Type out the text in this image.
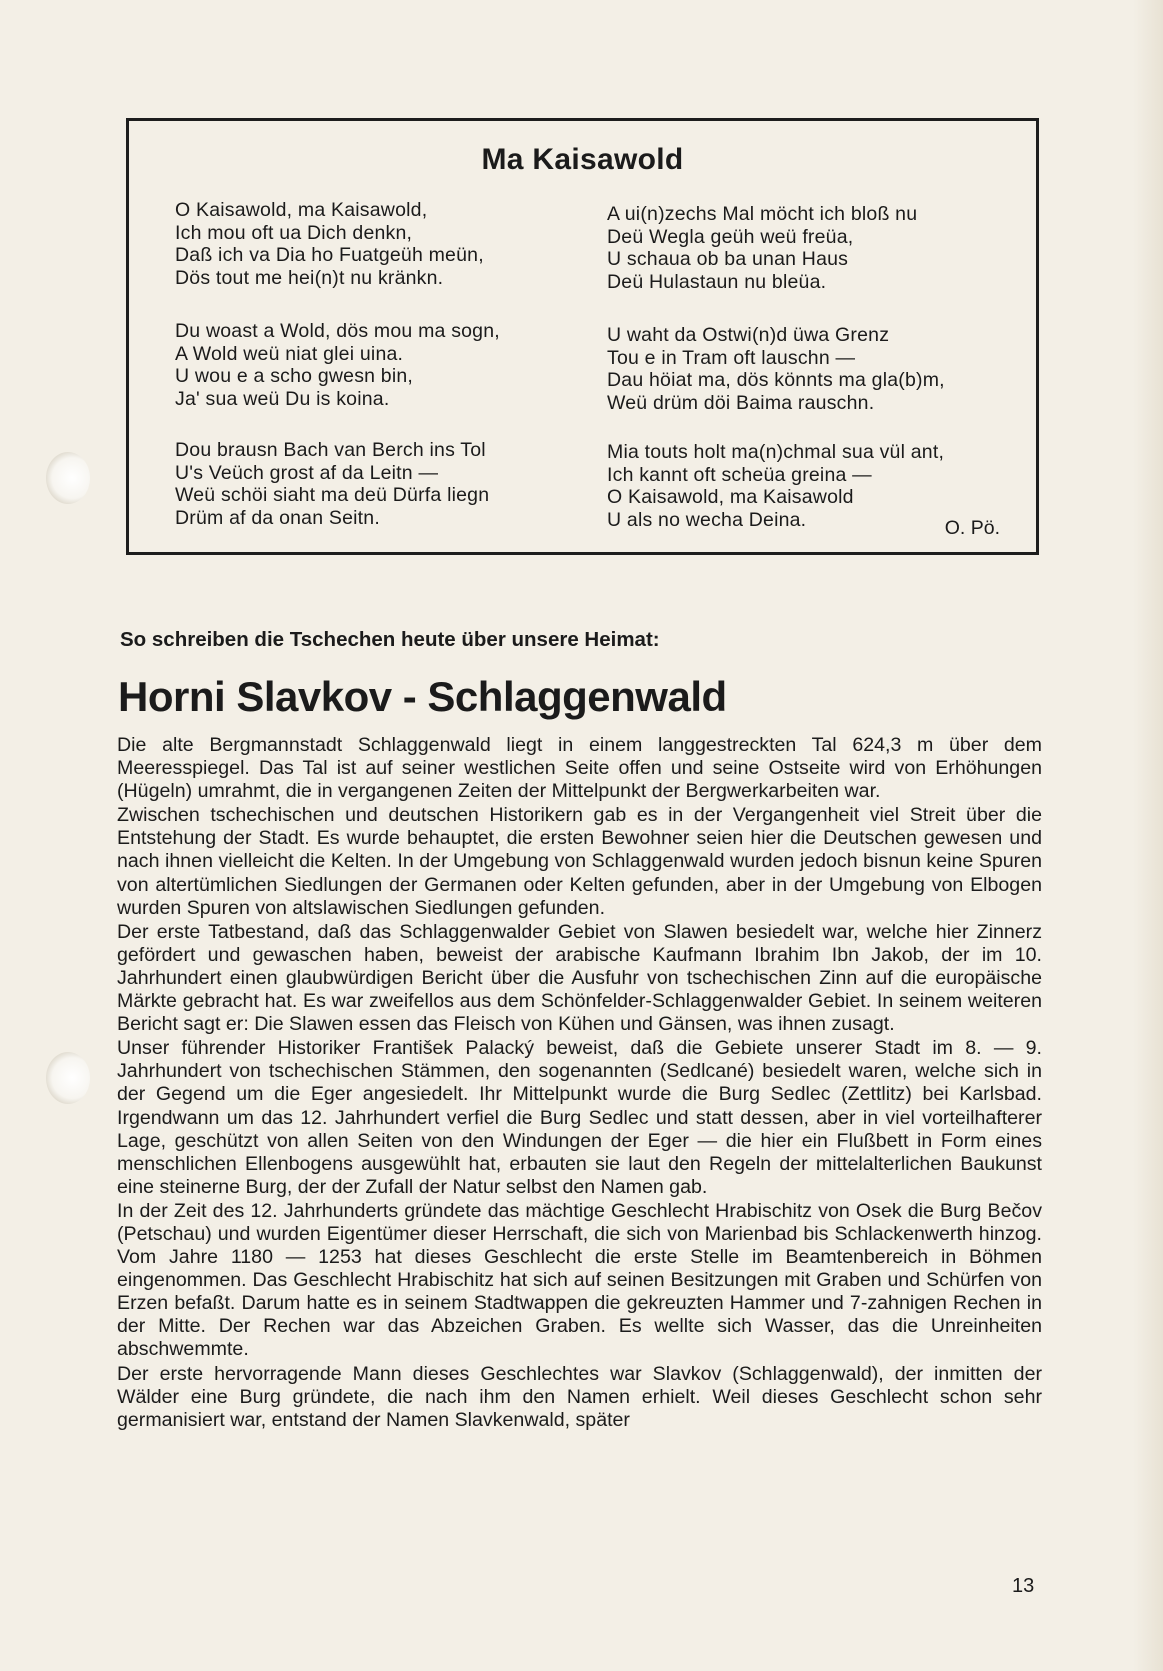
Ma Kaisawold
O Kaisawold, ma Kaisawold,
Ich mou oft ua Dich denkn,
Daß ich va Dia ho Fuatgeüh meün,
Dös tout me hei(n)t nu kränkn.
A ui(n)zechs Mal möcht ich bloß nu
Deü Wegla geüh weü freüa,
U schaua ob ba unan Haus
Deü Hulastaun nu bleüa.
Du woast a Wold, dös mou ma sogn,
A Wold weü niat glei uina.
U wou e a scho gwesn bin,
Ja' sua weü Du is koina.
U waht da Ostwi(n)d üwa Grenz
Tou e in Tram oft lauschn —
Dau höiat ma, dös könnts ma gla(b)m,
Weü drüm döi Baima rauschn.
Dou brausn Bach van Berch ins Tol
U's Veüch grost af da Leitn —
Weü schöi siaht ma deü Dürfa liegn
Drüm af da onan Seitn.
Mia touts holt ma(n)chmal sua vül ant,
Ich kannt oft scheüa greina —
O Kaisawold, ma Kaisawold
U als no wecha Deina.	O. Pö.
So schreiben die Tschechen heute über unsere Heimat:
Horni Slavkov - Schlaggenwald

Die alte Bergmannstadt Schlaggenwald liegt in einem langgestreckten Tal 624,3 m über dem Meeresspiegel. Das Tal ist auf seiner westlichen Seite offen und seine Ostseite wird von Erhöhungen (Hügeln) umrahmt, die in vergangenen Zeiten der Mittelpunkt der Bergwerkarbeiten war.

Zwischen tschechischen und deutschen Historikern gab es in der Vergangenheit viel Streit über die Entstehung der Stadt. Es wurde behauptet, die ersten Bewohner seien hier die Deutschen gewesen und nach ihnen vielleicht die Kelten. In der Umgebung von Schlaggenwald wurden jedoch bisnun keine Spuren von altertümlichen Siedlungen der Germanen oder Kelten gefunden, aber in der Umgebung von Elbogen wurden Spuren von altslawischen Siedlungen gefunden.

Der erste Tatbestand, daß das Schlaggenwalder Gebiet von Slawen besiedelt war, welche hier Zinnerz gefördert und gewaschen haben, beweist der arabische Kaufmann Ibrahim Ibn Jakob, der im 10. Jahrhundert einen glaubwürdigen Bericht über die Ausfuhr von tschechischen Zinn auf die europäische Märkte gebracht hat. Es war zweifellos aus dem Schönfelder-Schlaggenwalder Gebiet. In seinem weiteren Bericht sagt er: Die Slawen essen das Fleisch von Kühen und Gänsen, was ihnen zusagt.

Unser führender Historiker František Palacký beweist, daß die Gebiete unserer Stadt im 8. — 9. Jahrhundert von tschechischen Stämmen, den sogenannten (Sedlcané) besiedelt waren, welche sich in der Gegend um die Eger angesiedelt. Ihr Mittelpunkt wurde die Burg Sedlec (Zettlitz) bei Karlsbad. Irgendwann um das 12. Jahrhundert verfiel die Burg Sedlec und statt dessen, aber in viel vorteilhafterer Lage, geschützt von allen Seiten von den Windungen der Eger — die hier ein Flußbett in Form eines menschlichen Ellenbogens ausgewühlt hat, erbauten sie laut den Regeln der mittelalterlichen Baukunst eine steinerne Burg, der der Zufall der Natur selbst den Namen gab.

In der Zeit des 12. Jahrhunderts gründete das mächtige Geschlecht Hrabischitz von Osek die Burg Bečov (Petschau) und wurden Eigentümer dieser Herrschaft, die sich von Marienbad bis Schlackenwerth hinzog. Vom Jahre 1180 — 1253 hat dieses Geschlecht die erste Stelle im Beamtenbereich in Böhmen eingenommen. Das Geschlecht Hrabischitz hat sich auf seinen Besitzungen mit Graben und Schürfen von Erzen befaßt. Darum hatte es in seinem Stadtwappen die gekreuzten Hammer und 7-zahnigen Rechen in der Mitte. Der Rechen war das Abzeichen Graben. Es wellte sich Wasser, das die Unreinheiten abschwemmte.

Der erste hervorragende Mann dieses Geschlechtes war Slavkov (Schlaggenwald), der inmitten der Wälder eine Burg gründete, die nach ihm den Namen erhielt. Weil dieses Geschlecht schon sehr germanisiert war, entstand der Namen Slavkenwald, später

13
